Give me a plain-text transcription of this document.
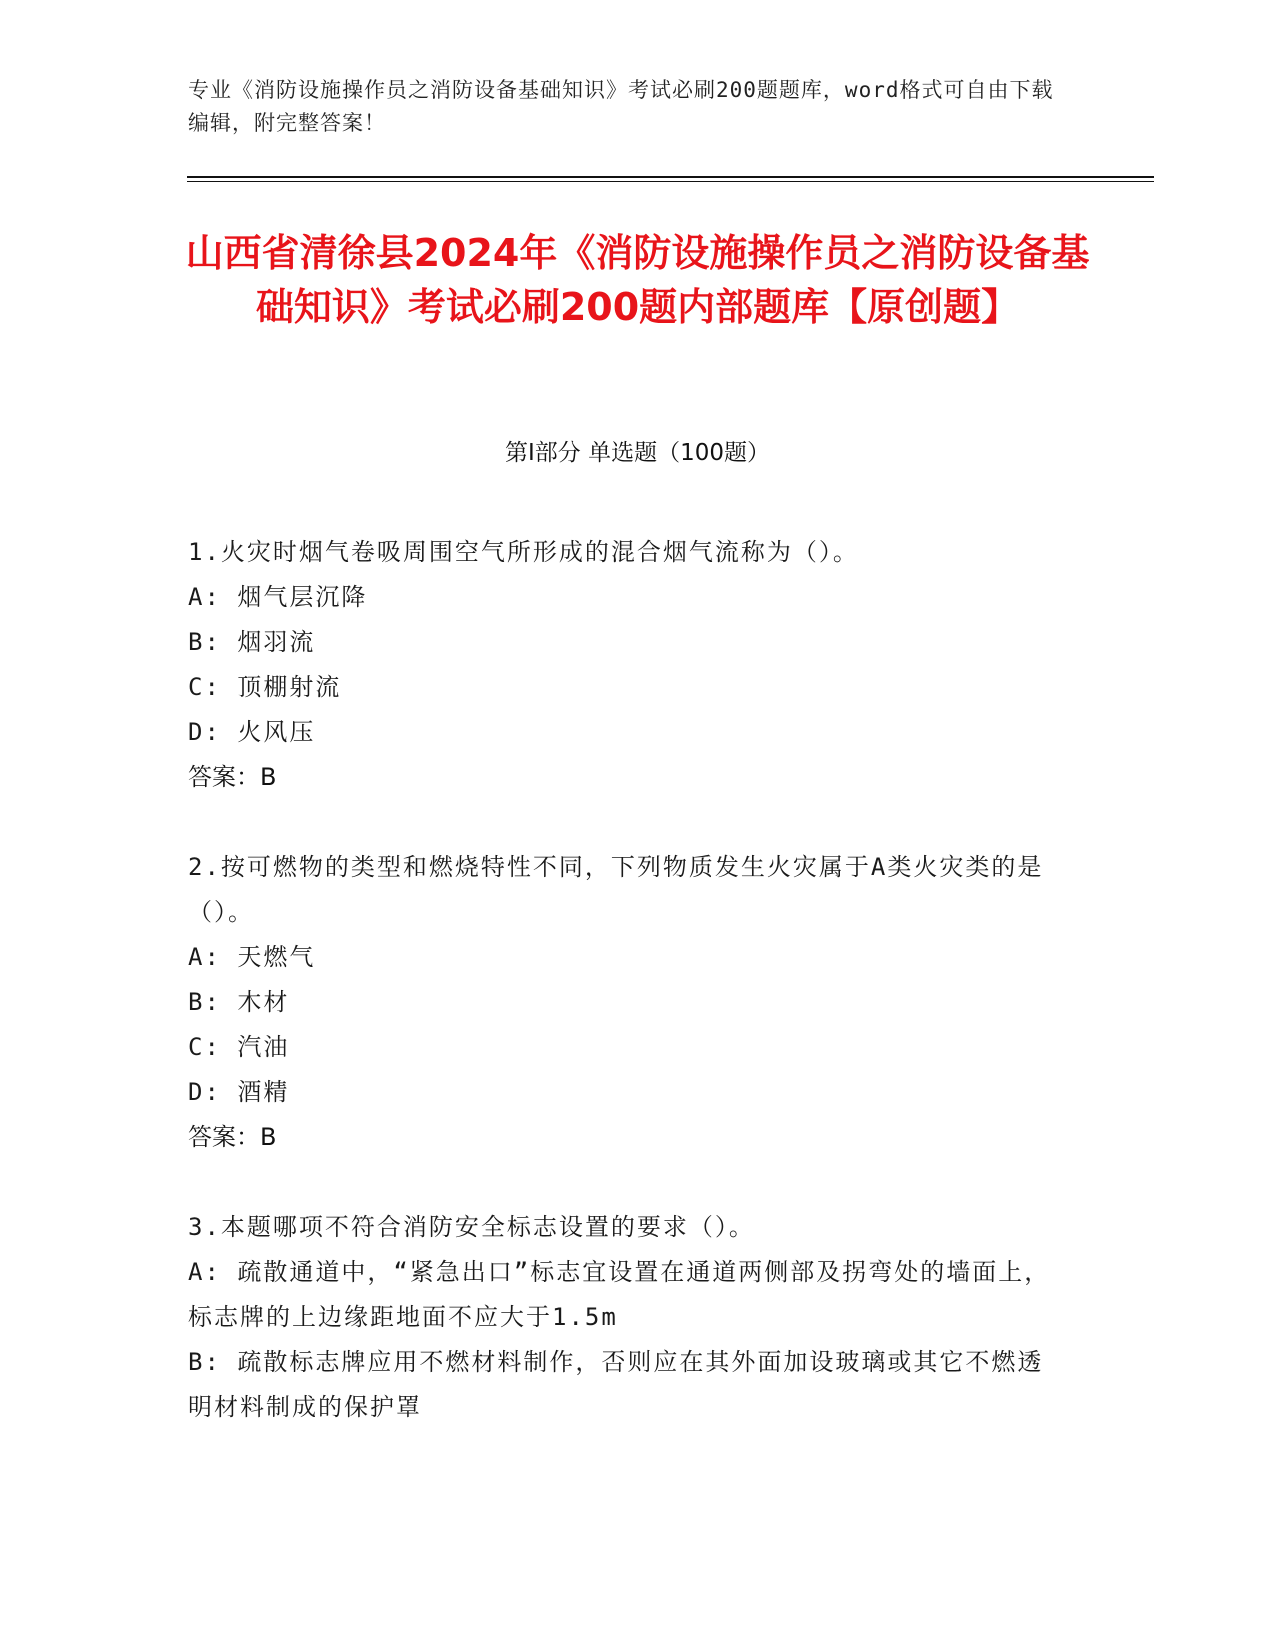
专业《消防设施操作员之消防设备基础知识》考试必刷200题题库，word格式可自由下载编辑，附完整答案！
山西省清徐县2024年《消防设施操作员之消防设备基础知识》考试必刷200题内部题库【原创题】
第I部分 单选题（100题）
1.火灾时烟气卷吸周围空气所形成的混合烟气流称为（）。
A: 烟气层沉降
B: 烟羽流
C: 顶棚射流
D: 火风压
答案：B
2.按可燃物的类型和燃烧特性不同，下列物质发生火灾属于A类火灾类的是（）。
A: 天燃气
B: 木材
C: 汽油
D: 酒精
答案：B
3.本题哪项不符合消防安全标志设置的要求（）。
A: 疏散通道中，“紧急出口”标志宜设置在通道两侧部及拐弯处的墙面上，标志牌的上边缘距地面不应大于1.5m
B: 疏散标志牌应用不燃材料制作，否则应在其外面加设玻璃或其它不燃透明材料制成的保护罩
